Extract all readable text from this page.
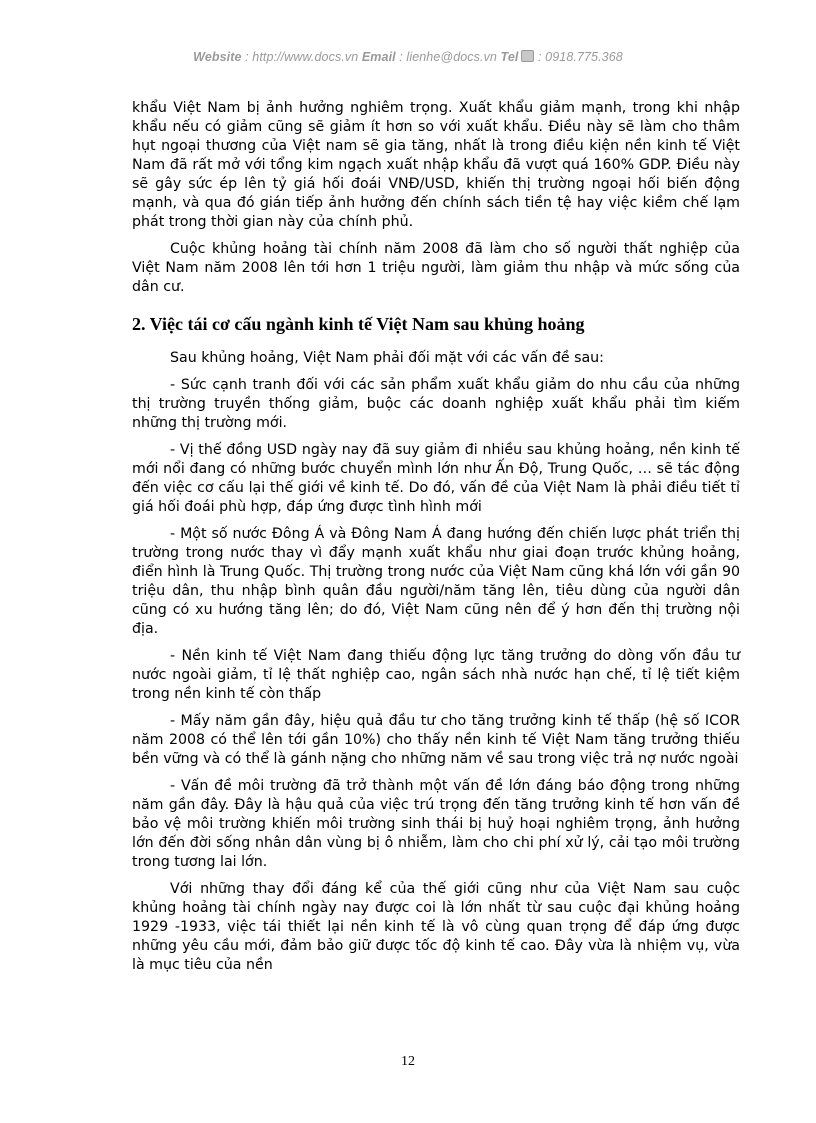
Website : http://www.docs.vn Email : lienhe@docs.vn Tel : 0918.775.368

khẩu Việt Nam bị ảnh hưởng nghiêm trọng. Xuất khẩu giảm mạnh, trong khi nhập khẩu nếu có giảm cũng sẽ giảm ít hơn so với xuất khẩu. Điều này sẽ làm cho thâm hụt ngoại thương của Việt nam sẽ gia tăng, nhất là trong điều kiện nền kinh tế Việt Nam đã rất mở với tổng kim ngạch xuất nhập khẩu đã vượt quá 160% GDP. Điều này sẽ gây sức ép lên tỷ giá hối đoái VNĐ/USD, khiến thị trường ngoại hối biến động mạnh, và qua đó gián tiếp ảnh hưởng đến chính sách tiền tệ hay việc kiềm chế lạm phát trong thời gian này của chính phủ.

Cuộc khủng hoảng tài chính năm 2008 đã làm cho số người thất nghiệp của Việt Nam năm 2008 lên tới hơn 1 triệu người, làm giảm thu nhập và mức sống của dân cư.

2. Việc tái cơ cấu ngành kinh tế Việt Nam sau khủng hoảng

Sau khủng hoảng, Việt Nam phải đối mặt với các vấn đề sau:

- Sức cạnh tranh đối với các sản phẩm xuất khẩu giảm do nhu cầu của những thị trường truyền thống giảm, buộc các doanh nghiệp xuất khẩu phải tìm kiếm những thị trường mới.

- Vị thế đồng USD ngày nay đã suy giảm đi nhiều sau khủng hoảng, nền kinh tế mới nổi đang có những bước chuyển mình lớn như Ấn Độ, Trung Quốc, … sẽ tác động đến việc cơ cấu lại thế giới về kinh tế. Do đó, vấn đề của Việt Nam là phải điều tiết tỉ giá hối đoái phù hợp, đáp ứng được tình hình mới

- Một số nước Đông Á và Đông Nam Á đang hướng đến chiến lược phát triển thị trường trong nước thay vì đẩy mạnh xuất khẩu như giai đoạn trước khủng hoảng, điển hình là Trung Quốc. Thị trường trong nước của Việt Nam cũng khá lớn với gần 90 triệu dân, thu nhập bình quân đầu người/năm tăng lên, tiêu dùng của người dân cũng có xu hướng tăng lên; do đó, Việt Nam cũng nên để ý hơn đến thị trường nội địa.

- Nền kinh tế Việt Nam đang thiếu động lực tăng trưởng do dòng vốn đầu tư nước ngoài giảm, tỉ lệ thất nghiệp cao, ngân sách nhà nước hạn chế, tỉ lệ tiết kiệm trong nền kinh tế còn thấp

- Mấy năm gần đây, hiệu quả đầu tư cho tăng trưởng kinh tế thấp (hệ số ICOR năm 2008 có thể lên tới gần 10%) cho thấy nền kinh tế Việt Nam tăng trưởng thiếu bền vững và có thể là gánh nặng cho những năm về sau trong việc trả nợ nước ngoài

- Vấn đề môi trường đã trở thành một vấn đề lớn đáng báo động trong những năm gần đây. Đây là hậu quả của việc trú trọng đến tăng trưởng kinh tế hơn vấn đề bảo vệ môi trường khiến môi trường sinh thái bị huỷ hoại nghiêm trọng, ảnh hưởng lớn đến đời sống nhân dân vùng bị ô nhiễm, làm cho chi phí xử lý, cải tạo môi trường trong tương lai lớn.

Với những thay đổi đáng kể của thế giới cũng như của Việt Nam sau cuộc khủng hoảng tài chính ngày nay được coi là lớn nhất từ sau cuộc đại khủng hoảng 1929 -1933, việc tái thiết lại nền kinh tế là vô cùng quan trọng để đáp ứng được những yêu cầu mới, đảm bảo giữ được tốc độ kinh tế cao. Đây vừa là nhiệm vụ, vừa là mục tiêu của nền

12
